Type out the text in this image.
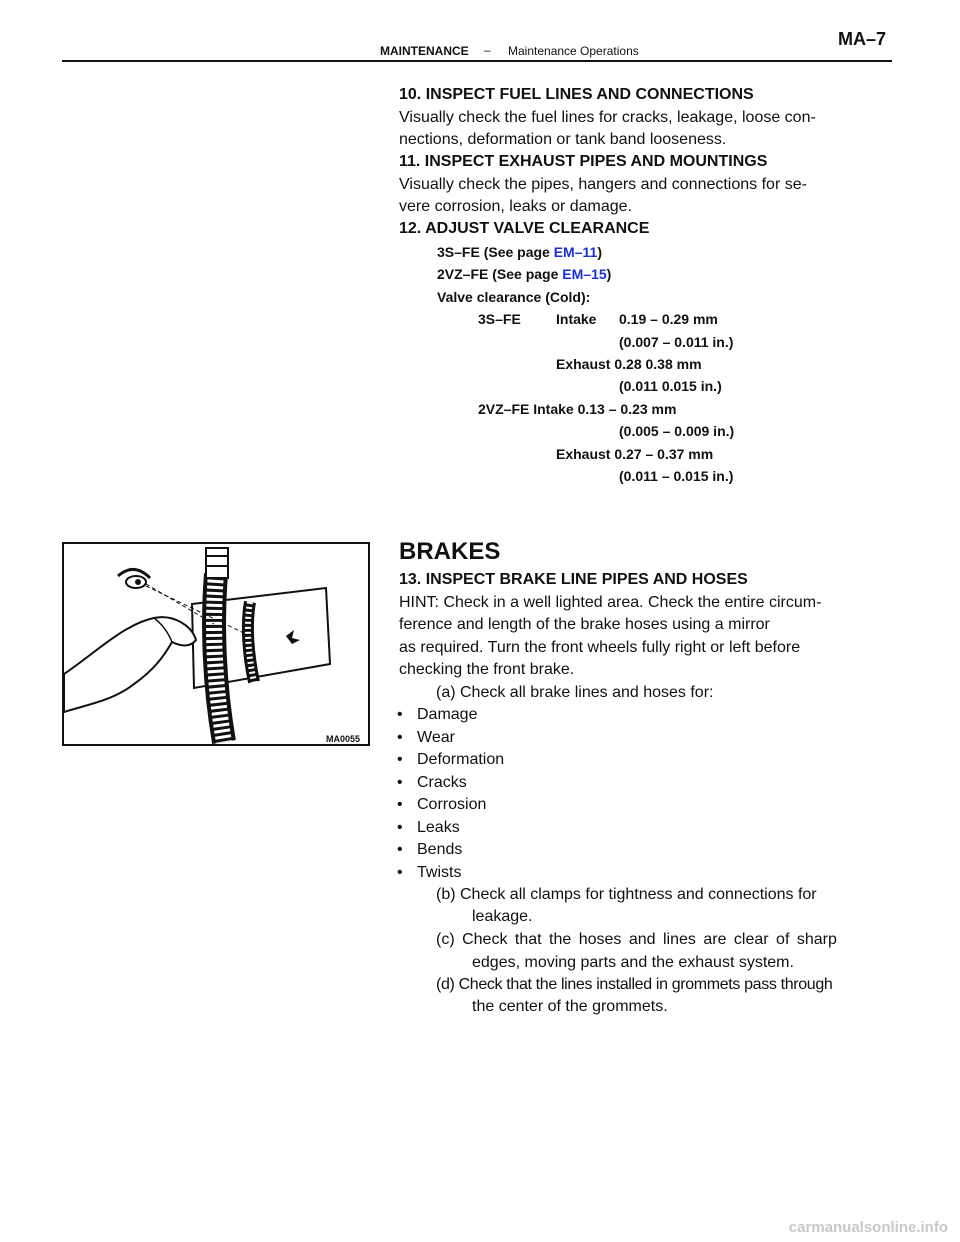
MAINTENANCE – Maintenance Operations
MA–7
10. INSPECT FUEL LINES AND CONNECTIONS
Visually check the fuel lines for cracks, leakage, loose con-
nections, deformation or tank band looseness.
11. INSPECT EXHAUST PIPES AND MOUNTINGS
Visually check the pipes, hangers and connections for se-
vere corrosion, leaks or damage.
12. ADJUST VALVE CLEARANCE
3S–FE (See page EM–11)
2VZ–FE (See page EM–15)
Valve clearance (Cold):
3S–FE	Intake 0.19 – 0.29 mm
(0.007 – 0.011 in.)
Exhaust 0.28 0.38 mm
(0.011 0.015 in.)
2VZ–FE Intake 0.13 – 0.23 mm
(0.005 – 0.009 in.)
Exhaust 0.27 – 0.37 mm
(0.011 – 0.015 in.)
MA0055
BRAKES
13. INSPECT BRAKE LINE PIPES AND HOSES
HINT: Check in a well lighted area. Check the entire circum-
ference and length of the brake hoses using a mirror
as required. Turn the front wheels fully right or left before
checking the front brake.
(a) Check all brake lines and hoses for:
• Damage
• Wear
• Deformation
• Cracks
• Corrosion
• Leaks
• Bends
• Twists
(b) Check all clamps for tightness and connections for
leakage.
(c) Check that the hoses and lines are clear of sharp
edges, moving parts and the exhaust system.
(d) Check that the lines installed in grommets pass through
the center of the grommets.
carmanualsonline.info
